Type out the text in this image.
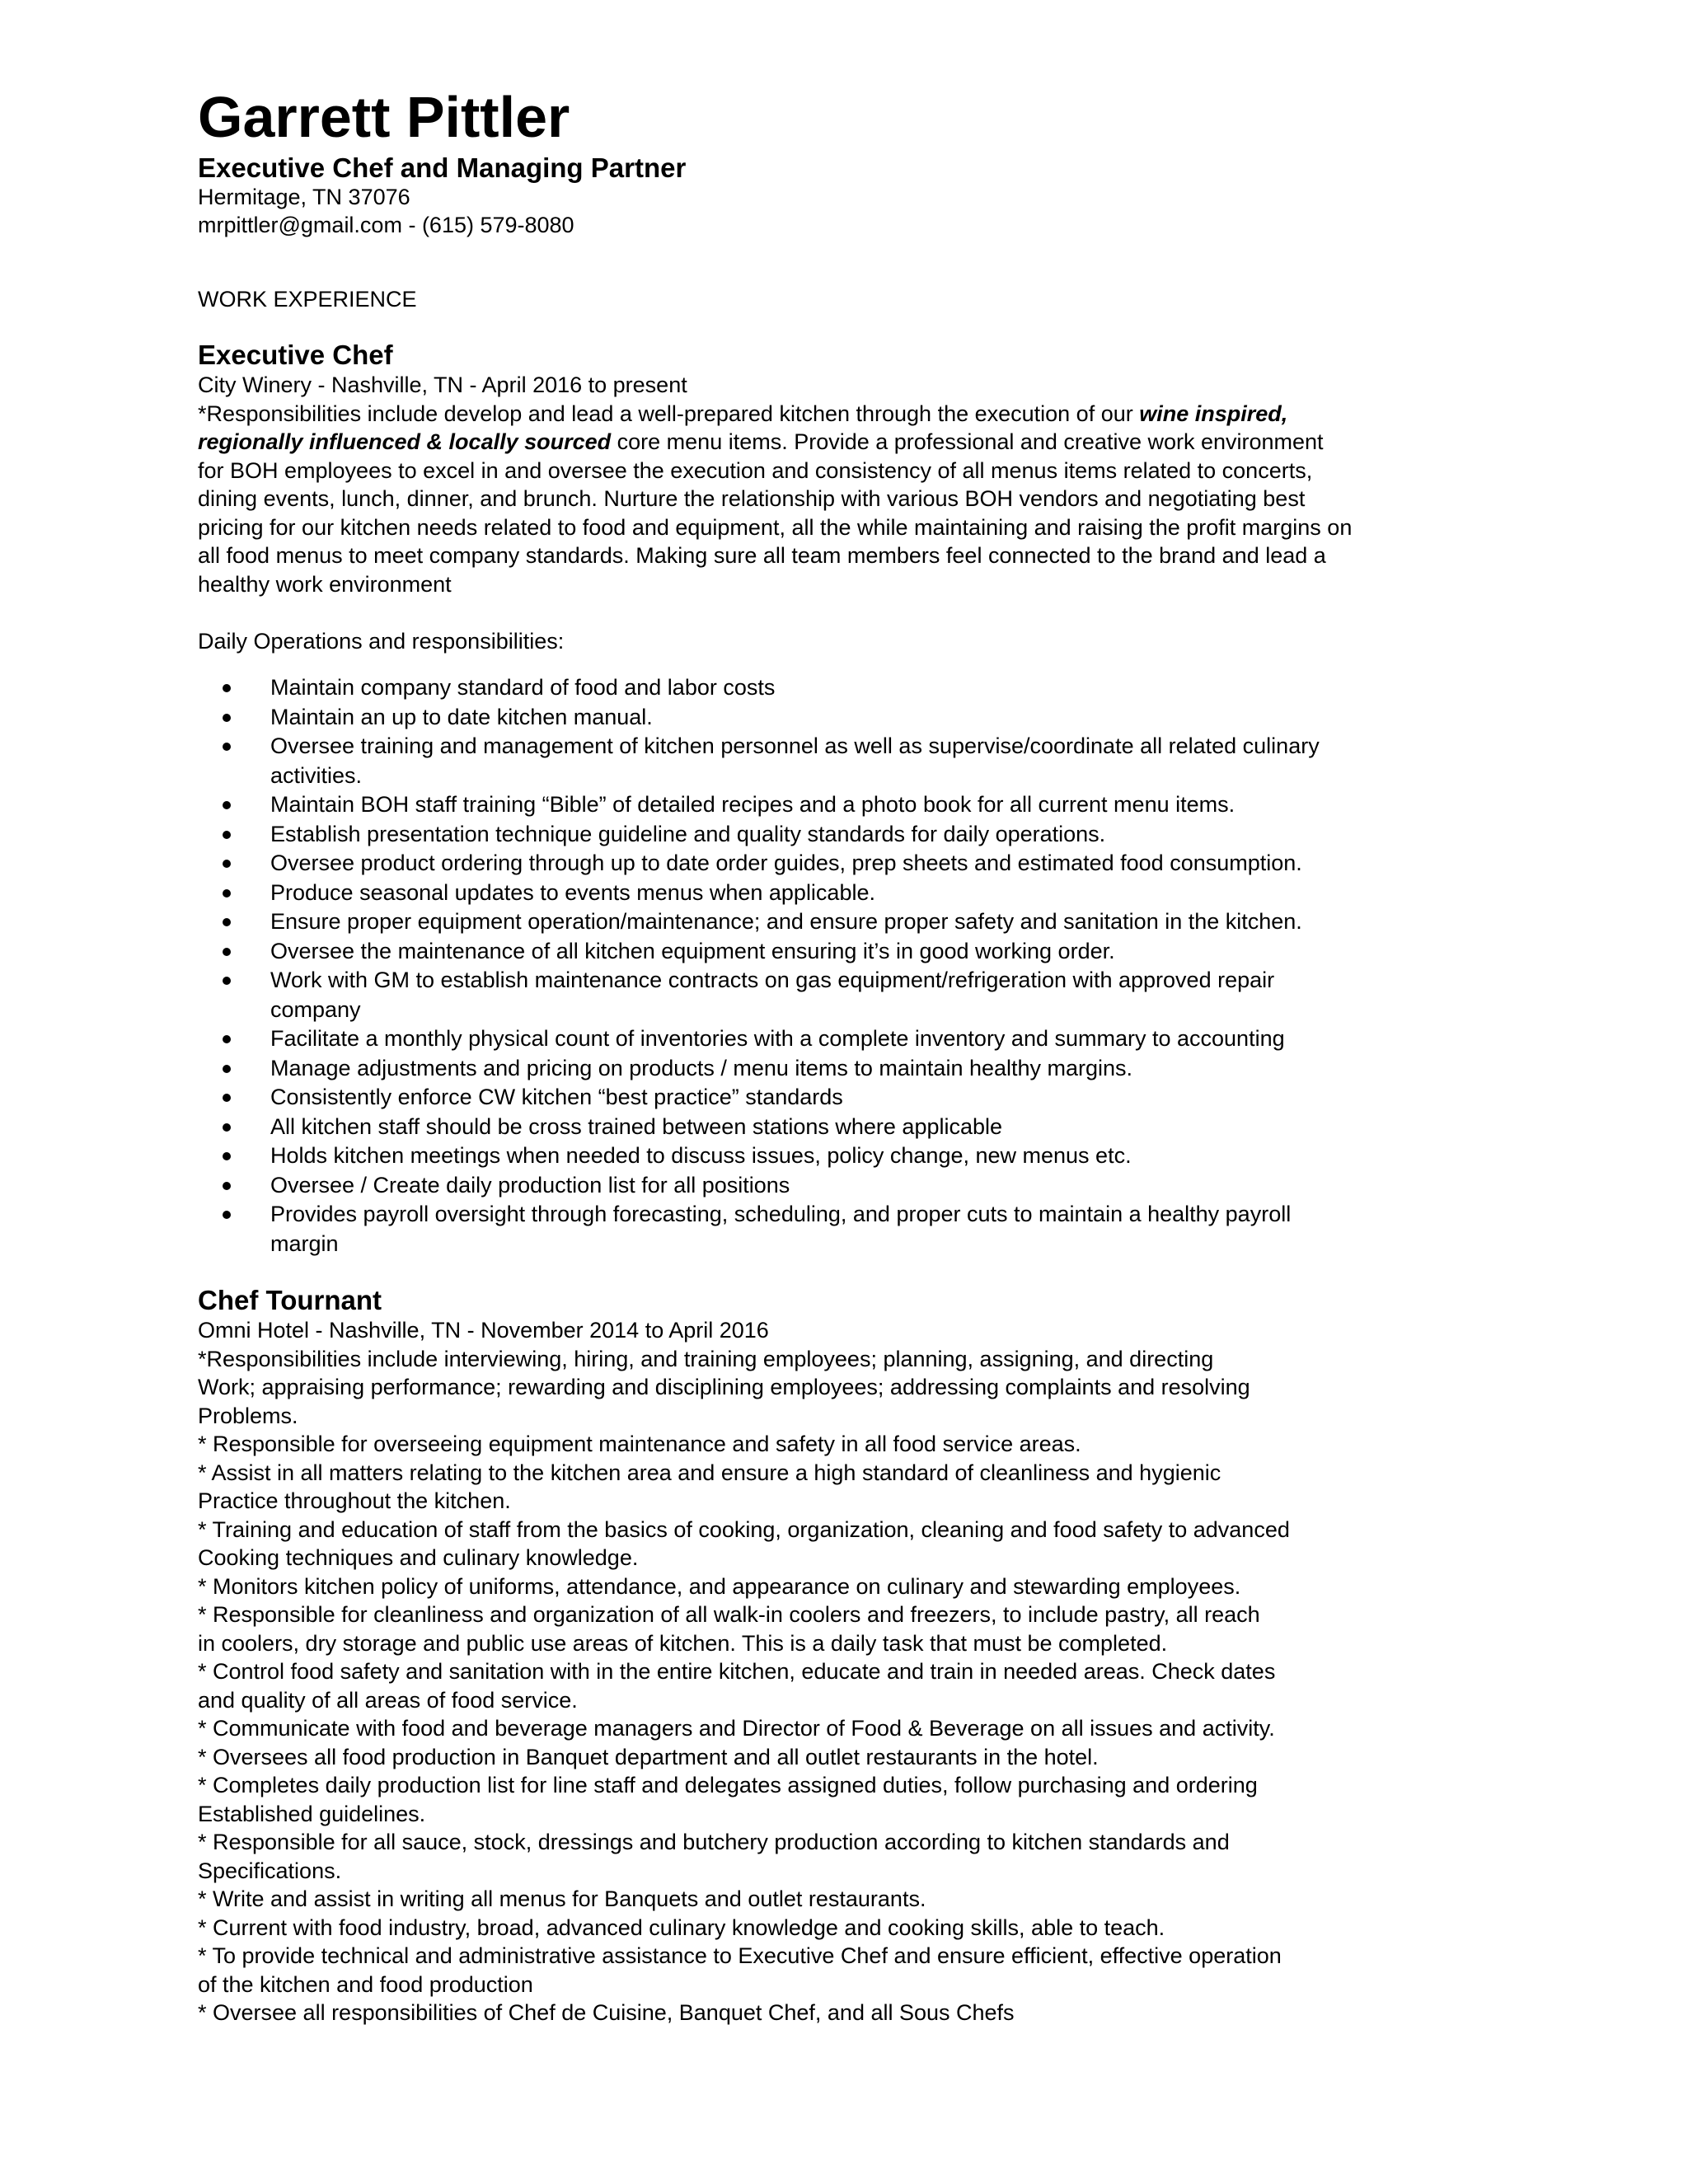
Garrett Pittler
Executive Chef and Managing Partner
Hermitage, TN 37076
mrpittler@gmail.com - (615) 579-8080
WORK EXPERIENCE
Executive Chef
City Winery - Nashville, TN - April 2016 to present
*Responsibilities include develop and lead a well-prepared kitchen through the execution of our wine inspired,
regionally influenced & locally sourced core menu items. Provide a professional and creative work environment
for BOH employees to excel in and oversee the execution and consistency of all menus items related to concerts,
dining events, lunch, dinner, and brunch. Nurture the relationship with various BOH vendors and negotiating best
pricing for our kitchen needs related to food and equipment, all the while maintaining and raising the profit margins on
all food menus to meet company standards. Making sure all team members feel connected to the brand and lead a
healthy work environment
Daily Operations and responsibilities:
Maintain company standard of food and labor costs
Maintain an up to date kitchen manual.
Oversee training and management of kitchen personnel as well as supervise/coordinate all related culinary
activities.
Maintain BOH staff training “Bible” of detailed recipes and a photo book for all current menu items.
Establish presentation technique guideline and quality standards for daily operations.
Oversee product ordering through up to date order guides, prep sheets and estimated food consumption.
Produce seasonal updates to events menus when applicable.
Ensure proper equipment operation/maintenance; and ensure proper safety and sanitation in the kitchen.
Oversee the maintenance of all kitchen equipment ensuring it’s in good working order.
Work with GM to establish maintenance contracts on gas equipment/refrigeration with approved repair
company
Facilitate a monthly physical count of inventories with a complete inventory and summary to accounting
Manage adjustments and pricing on products / menu items to maintain healthy margins.
Consistently enforce CW kitchen “best practice” standards
All kitchen staff should be cross trained between stations where applicable
Holds kitchen meetings when needed to discuss issues, policy change, new menus etc.
Oversee / Create daily production list for all positions
Provides payroll oversight through forecasting, scheduling, and proper cuts to maintain a healthy payroll
margin
Chef Tournant
Omni Hotel - Nashville, TN - November 2014 to April 2016
*Responsibilities include interviewing, hiring, and training employees; planning, assigning, and directing
Work; appraising performance; rewarding and disciplining employees; addressing complaints and resolving
Problems.
* Responsible for overseeing equipment maintenance and safety in all food service areas.
* Assist in all matters relating to the kitchen area and ensure a high standard of cleanliness and hygienic
Practice throughout the kitchen.
* Training and education of staff from the basics of cooking, organization, cleaning and food safety to advanced
Cooking techniques and culinary knowledge.
* Monitors kitchen policy of uniforms, attendance, and appearance on culinary and stewarding employees.
* Responsible for cleanliness and organization of all walk-in coolers and freezers, to include pastry, all reach
in coolers, dry storage and public use areas of kitchen. This is a daily task that must be completed.
* Control food safety and sanitation with in the entire kitchen, educate and train in needed areas. Check dates
and quality of all areas of food service.
* Communicate with food and beverage managers and Director of Food & Beverage on all issues and activity.
* Oversees all food production in Banquet department and all outlet restaurants in the hotel.
* Completes daily production list for line staff and delegates assigned duties, follow purchasing and ordering
Established guidelines.
* Responsible for all sauce, stock, dressings and butchery production according to kitchen standards and
Specifications.
* Write and assist in writing all menus for Banquets and outlet restaurants.
* Current with food industry, broad, advanced culinary knowledge and cooking skills, able to teach.
* To provide technical and administrative assistance to Executive Chef and ensure efficient, effective operation
of the kitchen and food production
* Oversee all responsibilities of Chef de Cuisine, Banquet Chef, and all Sous Chefs
